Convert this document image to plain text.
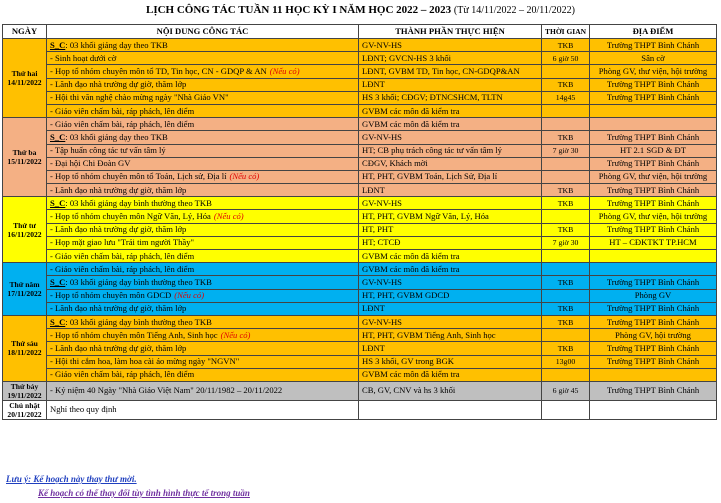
LỊCH CÔNG TÁC TUẦN 11 HỌC KỲ I NĂM HỌC 2022 – 2023 (Từ 14/11/2022 – 20/11/2022)
NGÀY	NỘI DUNG CÔNG TÁC	THÀNH PHẦN THỰC HIỆN	THỜI GIAN	ĐỊA ĐIỂM
Thứ hai 14/11/2022	S_C: 03 khối giảng dạy theo TKB	GV-NV-HS	TKB	Trường THPT Bình Chánh
	- Sinh hoạt dưới cờ	LĐNT; GVCN-HS 3 khối	6 giờ 50	Sân cờ
	- Họp tổ nhóm chuyên môn tổ TD, Tin học, CN - GDQP & AN (Nếu có)	LĐNT, GVBM TD, Tin học, CN-GDQP&AN		Phòng GV, thư viện, hội trường
	- Lãnh đạo nhà trường dự giờ, thăm lớp	LĐNT	TKB	Trường THPT Bình Chánh
	- Hội thi văn nghệ chào mừng ngày "Nhà Giáo VN"	HS 3 khối; CĐGV; ĐTNCSHCM, TLTN	14g45	Trường THPT Bình Chánh
	- Giáo viên chấm bài, ráp phách, lên điểm	GVBM các môn đã kiểm tra		
Thứ ba 15/11/2022	- Giáo viên chấm bài, ráp phách, lên điểm	GVBM các môn đã kiểm tra		
	S_C: 03 khối giảng dạy theo TKB	GV-NV-HS	TKB	Trường THPT Bình Chánh
	- Tập huấn công tác tư vấn tâm lý	HT; CB phụ trách công tác tư vấn tâm lý	7 giờ 30	HT 2.1 SGD & ĐT
	- Đại hội Chi Đoàn GV	CĐGV, Khách mời		Trường THPT Bình Chánh
	- Họp tổ nhóm chuyên môn tổ Toán, Lịch sử, Địa lí (Nếu có)	HT, PHT, GVBM Toán, Lịch Sử, Địa lí		Phòng GV, thư viện, hội trường
	- Lãnh đạo nhà trường dự giờ, thăm lớp	LĐNT	TKB	Trường THPT Bình Chánh
Thứ tư 16/11/2022	S_C: 03 khối giảng dạy bình thường theo TKB	GV-NV-HS	TKB	Trường THPT Bình Chánh
	- Họp tổ nhóm chuyên môn Ngữ Văn, Lý, Hóa (Nếu có)	HT, PHT, GVBM Ngữ Văn, Lý, Hóa		Phòng GV, thư viện, hội trường
	- Lãnh đạo nhà trường dự giờ, thăm lớp	HT, PHT	TKB	Trường THPT Bình Chánh
	- Họp mặt giao lưu "Trái tim người Thầy"	HT; CTCĐ	7 giờ 30	HT – CĐKTKT TP.HCM
	- Giáo viên chấm bài, ráp phách, lên điểm	GVBM các môn đã kiểm tra		
Thứ năm 17/11/2022	- Giáo viên chấm bài, ráp phách, lên điểm	GVBM các môn đã kiểm tra		
	S_C: 03 khối giảng dạy bình thường theo TKB	GV-NV-HS	TKB	Trường THPT Bình Chánh
	- Họp tổ nhóm chuyên môn GDCD (Nếu có)	HT, PHT, GVBM GDCD		Phòng GV
	- Lãnh đạo nhà trường dự giờ, thăm lớp	LĐNT	TKB	Trường THPT Bình Chánh
Thứ sáu 18/11/2022	S_C: 03 khối giảng dạy bình thường theo TKB	GV-NV-HS	TKB	Trường THPT Bình Chánh
	- Họp tổ nhóm chuyên môn Tiếng Anh, Sinh học (Nếu có)	HT, PHT, GVBM Tiếng Anh, Sinh học		Phòng GV, hội trường
	- Lãnh đạo nhà trường dự giờ, thăm lớp	LĐNT	TKB	Trường THPT Bình Chánh
	- Hội thi cắm hoa, làm hoa cài áo mừng ngày "NGVN"	HS 3 khối, GV trong BGK	13g00	Trường THPT Bình Chánh
	- Giáo viên chấm bài, ráp phách, lên điểm	GVBM các môn đã kiểm tra		
Thứ bảy 19/11/2022	- Kỷ niệm 40 Ngày "Nhà Giáo Việt Nam" 20/11/1982 – 20/11/2022	CB, GV, CNV và hs 3 khối	6 giờ 45	Trường THPT Bình Chánh
Chủ nhật 20/11/2022	Nghỉ theo quy định			
Lưu ý: Kế hoạch này thay thư mời.
Kế hoạch có thể thay đổi tùy tình hình thực tế trong tuần
